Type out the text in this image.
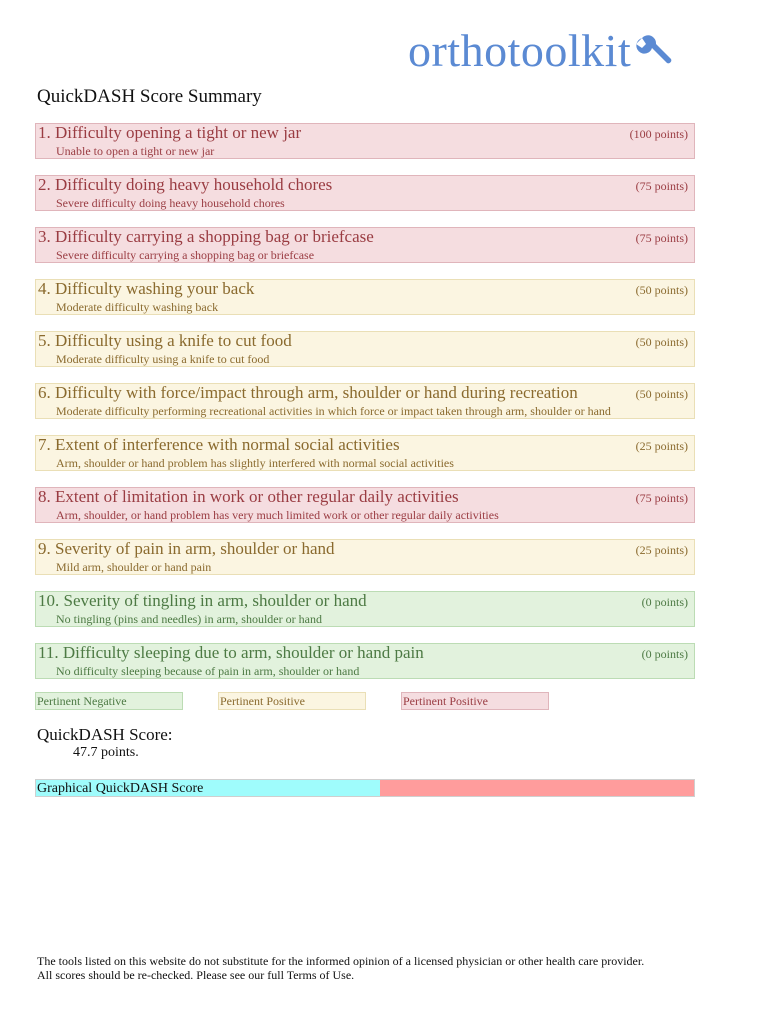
orthotoolkit
QuickDASH Score Summary
1. Difficulty opening a tight or new jar	(100 points)
Unable to open a tight or new jar
2. Difficulty doing heavy household chores	(75 points)
Severe difficulty doing heavy household chores
3. Difficulty carrying a shopping bag or briefcase	(75 points)
Severe difficulty carrying a shopping bag or briefcase
4. Difficulty washing your back	(50 points)
Moderate difficulty washing back
5. Difficulty using a knife to cut food	(50 points)
Moderate difficulty using a knife to cut food
6. Difficulty with force/impact through arm, shoulder or hand during recreation	(50 points)
Moderate difficulty performing recreational activities in which force or impact taken through arm, shoulder or hand
7. Extent of interference with normal social activities	(25 points)
Arm, shoulder or hand problem has slightly interfered with normal social activities
8. Extent of limitation in work or other regular daily activities	(75 points)
Arm, shoulder, or hand problem has very much limited work or other regular daily activities
9. Severity of pain in arm, shoulder or hand	(25 points)
Mild arm, shoulder or hand pain
10. Severity of tingling in arm, shoulder or hand	(0 points)
No tingling (pins and needles) in arm, shoulder or hand
11. Difficulty sleeping due to arm, shoulder or hand pain	(0 points)
No difficulty sleeping because of pain in arm, shoulder or hand
Pertinent Negative	Pertinent Positive	Pertinent Positive
QuickDASH Score:
47.7 points.
Graphical QuickDASH Score
The tools listed on this website do not substitute for the informed opinion of a licensed physician or other health care provider.
All scores should be re-checked. Please see our full Terms of Use.
